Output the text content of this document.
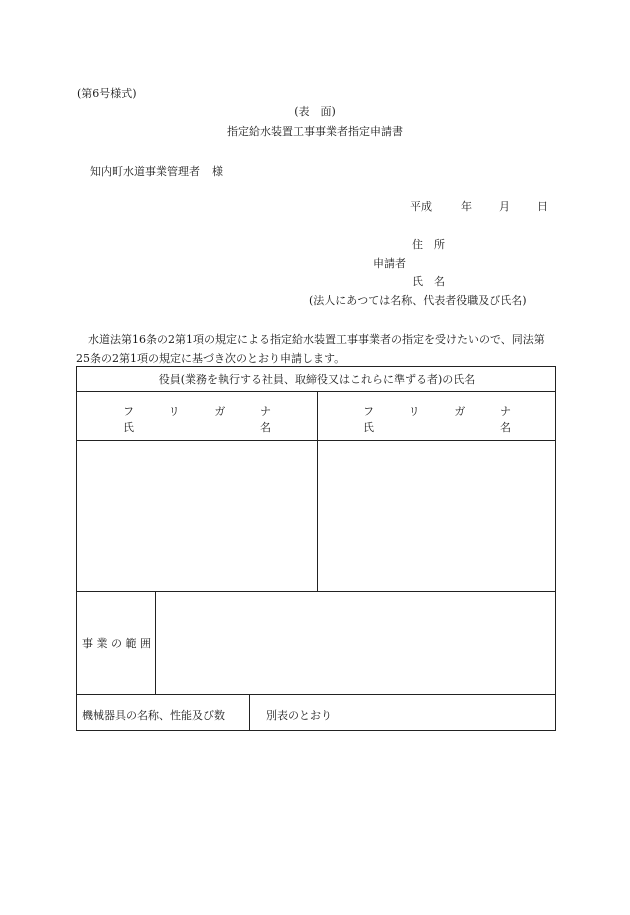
(第6号様式)
(表　面)
指定給水装置工事事業者指定申請書
知内町水道事業管理者 様
平成	年 月 日
住　所
申請者
氏　名
(法人にあつては名称、代表者役職及び氏名)
水道法第16条の2第1項の規定による指定給水装置工事事業者の指定を受けたいので、同法第25条の2第1項の規定に基づき次のとおり申請します。
役員(業務を執行する社員、取締役又はこれらに準ずる者)の氏名
フ	リ	ガ	ナ
氏	名
フ	リ	ガ	ナ
氏	名
事 業 の 範 囲
機械器具の名称、性能及び数	別表のとおり
